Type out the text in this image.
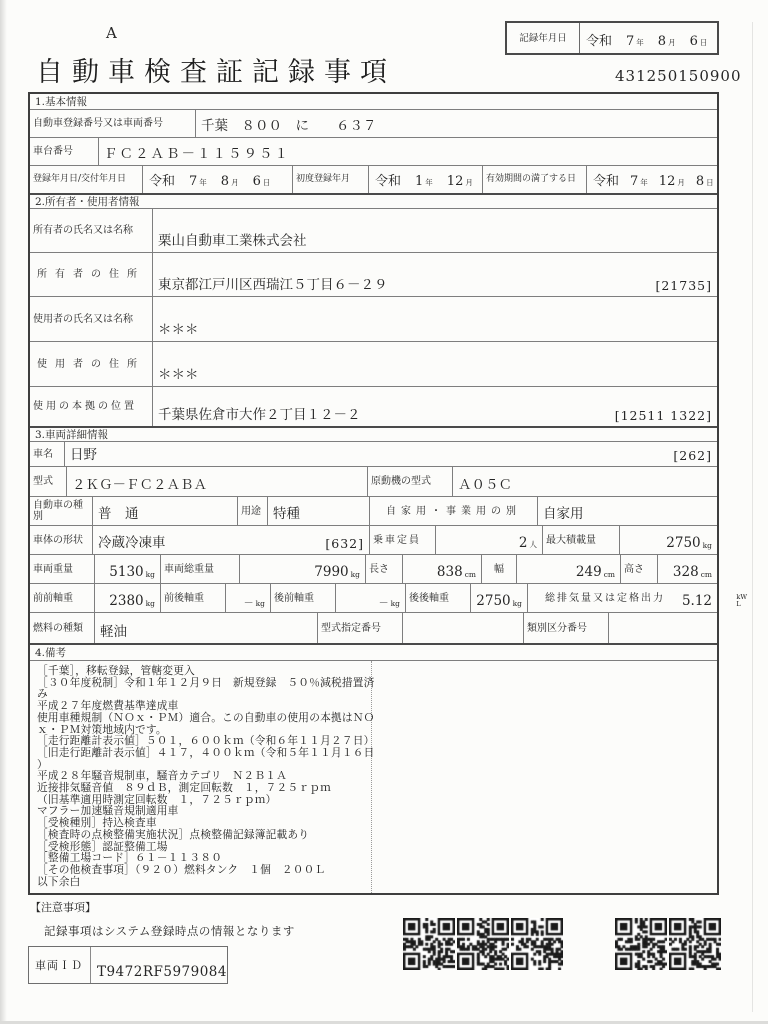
A
自動車検査証記録事項	431250150900
記録年月日	令和 7 年 8 月 6 日
1.基本情報
自動車登録番号又は車両番号	千葉　８００　に　　６３７
車台番号	ＦＣ２ＡＢ－１１５９５１
登録年月日/交付年月日	令和 7 年 8 月 6 日	初度登録年月	令和 1 年 12 月	有効期間の満了する日	令和 7 年 12 月 8 日
2.所有者・使用者情報
所有者の氏名又は名称
栗山自動車工業株式会社
所有者の住所
東京都江戸川区西瑞江５丁目６－２９	[21735]
使用者の氏名又は名称
＊＊＊
使用者の住所
＊＊＊
使用の本拠の位置
千葉県佐倉市大作２丁目１２－２	[12511 1322]
3.車両詳細情報
車名	日野	[262]
型式	２ＫＧ－ＦＣ２ＡＢＡ	原動機の型式	Ａ０５Ｃ
自動車の種別	普　通	用途 特種	自家用・事業用の別	自家用
車体の形状	冷蔵冷凍車	[632] 乗車定員	2 人 最大積載量	2750 kg
車両重量	5130 kg 車両総重量	7990 kg 長さ	838 cm	幅	249 cm 高さ	328 cm
前前軸重	2380 kg 前後軸重	－ kg 後前軸重	－ kg 後後軸重	2750 kg	総排気量又は定格出力	5.12	kW
L
燃料の種類	軽油	型式指定番号	類別区分番号
4.備考
［千葉］，移転登録，管轄変更入
［３０年度税制］令和１年１２月９日　新規登録　５０％減税措置済
み
平成２７年度燃費基準達成車
使用車種規制（ＮＯｘ・ＰＭ）適合。この自動車の使用の本拠はＮＯ
ｘ・ＰＭ対策地域内です。
［走行距離計表示値］５０１，６００ｋｍ（令和６年１１月２７日）
［旧走行距離計表示値］４１７，４００ｋｍ（令和５年１１月１６日
）
平成２８年騒音規制車，騒音カテゴリ　Ｎ２Ｂ１Ａ
近接排気騒音値　８９ｄＢ，測定回転数　１，７２５ｒｐｍ
（旧基準適用時測定回転数　１，７２５ｒｐｍ）
マフラー加速騒音規制適用車
［受検種別］持込検査車
［検査時の点検整備実施状況］点検整備記録簿記載あり
［受検形態］認証整備工場
［整備工場コード］６１－１１３８０
［その他検査事項］（９２０）燃料タンク　１個　２００Ｌ
以下余白
【注意事項】
記録事項はシステム登録時点の情報となります
車両ＩＤ	T9472RF5979084
